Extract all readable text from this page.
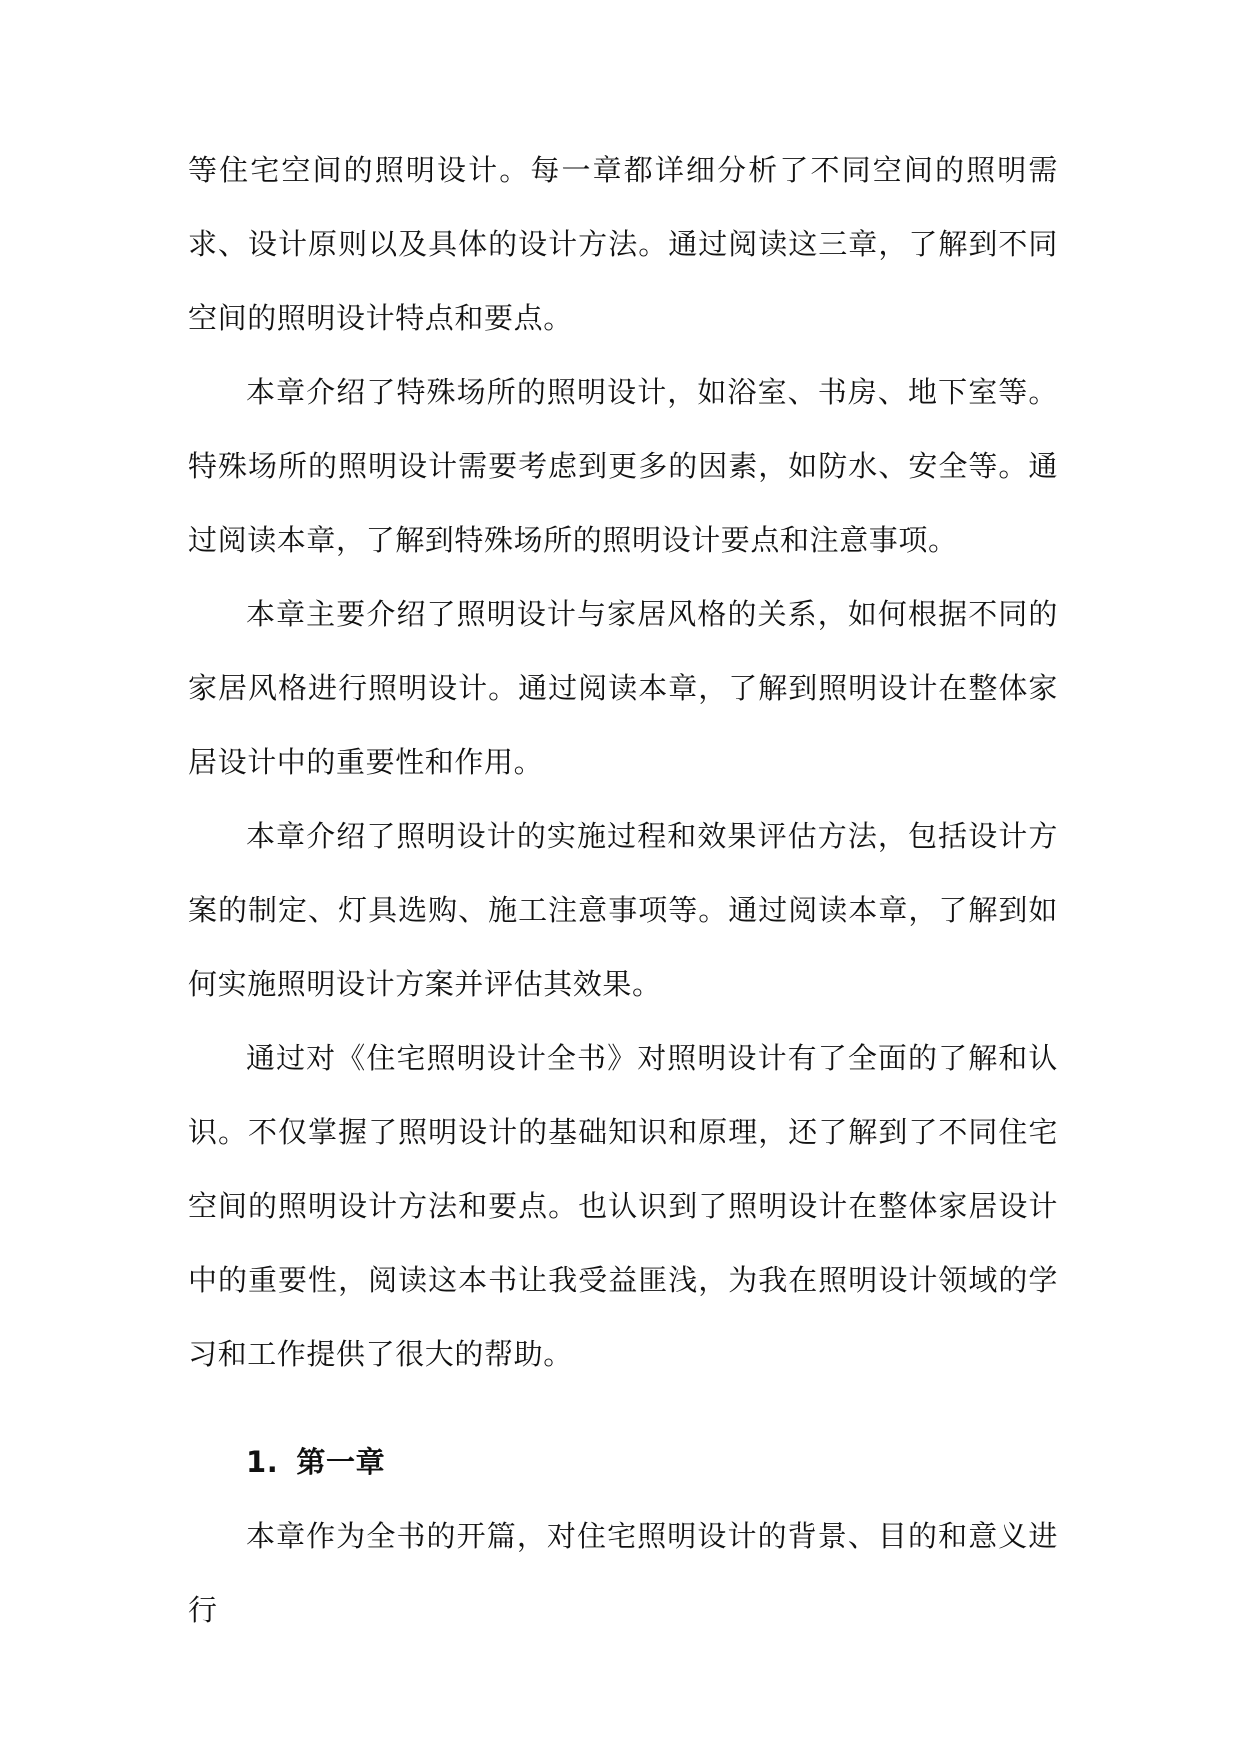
等住宅空间的照明设计。每一章都详细分析了不同空间的照明需求、设计原则以及具体的设计方法。通过阅读这三章，了解到不同空间的照明设计特点和要点。

本章介绍了特殊场所的照明设计，如浴室、书房、地下室等。特殊场所的照明设计需要考虑到更多的因素，如防水、安全等。通过阅读本章，了解到特殊场所的照明设计要点和注意事项。

本章主要介绍了照明设计与家居风格的关系，如何根据不同的家居风格进行照明设计。通过阅读本章，了解到照明设计在整体家居设计中的重要性和作用。

本章介绍了照明设计的实施过程和效果评估方法，包括设计方案的制定、灯具选购、施工注意事项等。通过阅读本章，了解到如何实施照明设计方案并评估其效果。

通过对《住宅照明设计全书》对照明设计有了全面的了解和认识。不仅掌握了照明设计的基础知识和原理，还了解到了不同住宅空间的照明设计方法和要点。也认识到了照明设计在整体家居设计中的重要性，阅读这本书让我受益匪浅，为我在照明设计领域的学习和工作提供了很大的帮助。

1. 第一章

本章作为全书的开篇，对住宅照明设计的背景、目的和意义进行
